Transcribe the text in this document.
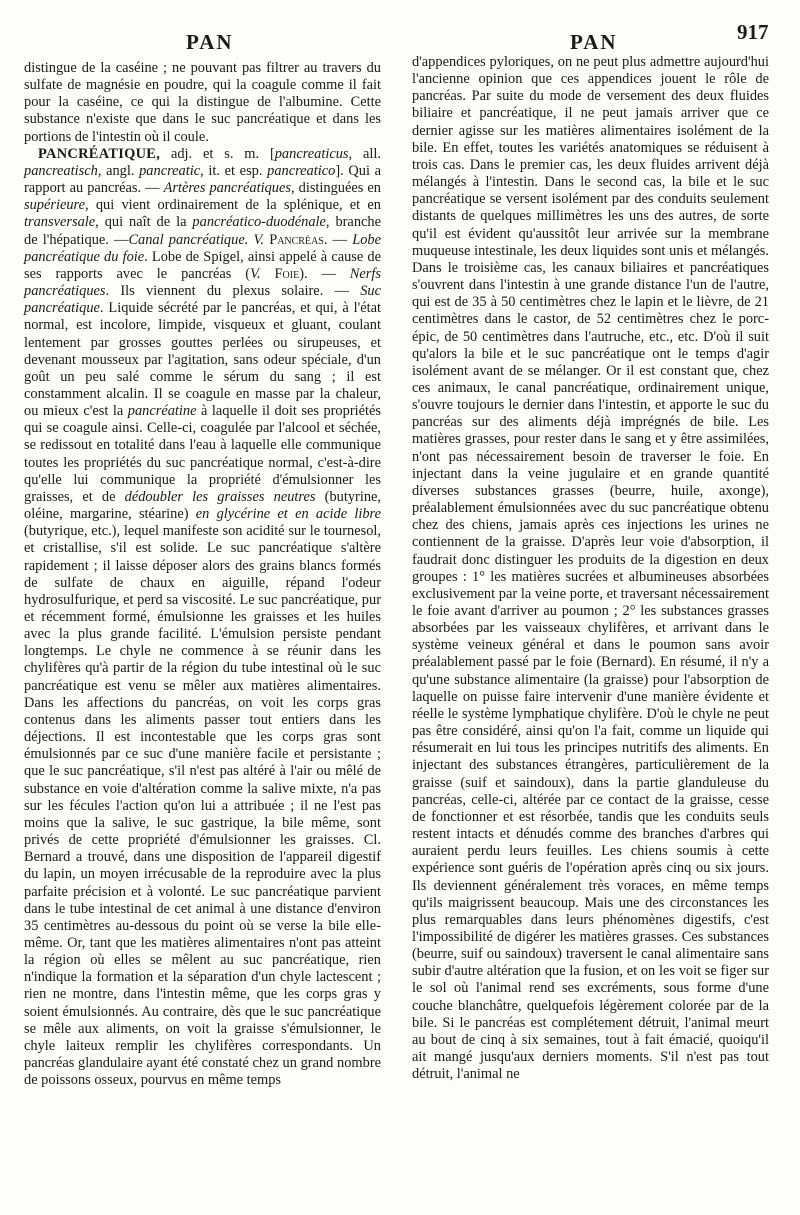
PAN	PAN	917

distingue de la caséine ; ne pouvant pas filtrer au travers du sulfate de magnésie en poudre, qui la coagule comme il fait pour la caséine, ce qui la distingue de l'albumine. Cette substance n'existe que dans le suc pancréatique et dans les portions de l'intestin où il coule.

PANCRÉATIQUE, adj. et s. m. [pancreaticus, all. pancreatisch, angl. pancreatic, it. et esp. pancreatico]. Qui a rapport au pancréas. — Artères pancréatiques, distinguées en supérieure, qui vient ordinairement de la splénique, et en transversale, qui naît de la pancréatico-duodénale, branche de l'hépatique. —Canal pancréatique. V. Pancréas. — Lobe pancréatique du foie. Lobe de Spigel, ainsi appelé à cause de ses rapports avec le pancréas (V. Foie). — Nerfs pancréatiques. Ils viennent du plexus solaire. — Suc pancréatique. Liquide sécrété par le pancréas, et qui, à l'état normal, est incolore, limpide, visqueux et gluant, coulant lentement par grosses gouttes perlées ou sirupeuses, et devenant mousseux par l'agitation, sans odeur spéciale, d'un goût un peu salé comme le sérum du sang ; il est constamment alcalin. Il se coagule en masse par la chaleur, ou mieux c'est la pancréatine à laquelle il doit ses propriétés qui se coagule ainsi. Celle-ci, coagulée par l'alcool et séchée, se redissout en totalité dans l'eau à laquelle elle communique toutes les propriétés du suc pancréatique normal, c'est-à-dire qu'elle lui communique la propriété d'émulsionner les graisses, et de dédoubler les graisses neutres (butyrine, oléine, margarine, stéarine) en glycérine et en acide libre (butyrique, etc.), lequel manifeste son acidité sur le tournesol, et cristallise, s'il est solide. Le suc pancréatique s'altère rapidement ; il laisse déposer alors des grains blancs formés de sulfate de chaux en aiguille, répand l'odeur hydrosulfurique, et perd sa viscosité. Le suc pancréatique, pur et récemment formé, émulsionne les graisses et les huiles avec la plus grande facilité. L'émulsion persiste pendant longtemps. Le chyle ne commence à se réunir dans les chylifères qu'à partir de la région du tube intestinal où le suc pancréatique est venu se mêler aux matières alimentaires. Dans les affections du pancréas, on voit les corps gras contenus dans les aliments passer tout entiers dans les déjections. Il est incontestable que les corps gras sont émulsionnés par ce suc d'une manière facile et persistante ; que le suc pancréatique, s'il n'est pas altéré à l'air ou mêlé de substance en voie d'altération comme la salive mixte, n'a pas sur les fécules l'action qu'on lui a attribuée ; il ne l'est pas moins que la salive, le suc gastrique, la bile même, sont privés de cette propriété d'émulsionner les graisses. Cl. Bernard a trouvé, dans une disposition de l'appareil digestif du lapin, un moyen irrécusable de la reproduire avec la plus parfaite précision et à volonté. Le suc pancréatique parvient dans le tube intestinal de cet animal à une distance d'environ 35 centimètres au-dessous du point où se verse la bile elle-même. Or, tant que les matières alimentaires n'ont pas atteint la région où elles se mêlent au suc pancréatique, rien n'indique la formation et la séparation d'un chyle lactescent ; rien ne montre, dans l'intestin même, que les corps gras y soient émulsionnés. Au contraire, dès que le suc pancréatique se mêle aux aliments, on voit la graisse s'émulsionner, le chyle laiteux remplir les chylifères correspondants. Un pancréas glandulaire ayant été constaté chez un grand nombre de poissons osseux, pourvus en même temps

d'appendices pyloriques, on ne peut plus admettre aujourd'hui l'ancienne opinion que ces appendices jouent le rôle de pancréas. Par suite du mode de versement des deux fluides biliaire et pancréatique, il ne peut jamais arriver que ce dernier agisse sur les matières alimentaires isolément de la bile. En effet, toutes les variétés anatomiques se réduisent à trois cas. Dans le premier cas, les deux fluides arrivent déjà mélangés à l'intestin. Dans le second cas, la bile et le suc pancréatique se versent isolément par des conduits seulement distants de quelques millimètres les uns des autres, de sorte qu'il est évident qu'aussitôt leur arrivée sur la membrane muqueuse intestinale, les deux liquides sont unis et mélangés. Dans le troisième cas, les canaux biliaires et pancréatiques s'ouvrent dans l'intestin à une grande distance l'un de l'autre, qui est de 35 à 50 centimètres chez le lapin et le lièvre, de 21 centimètres dans le castor, de 52 centimètres chez le porc-épic, de 50 centimètres dans l'autruche, etc., etc. D'où il suit qu'alors la bile et le suc pancréatique ont le temps d'agir isolément avant de se mélanger. Or il est constant que, chez ces animaux, le canal pancréatique, ordinairement unique, s'ouvre toujours le dernier dans l'intestin, et apporte le suc du pancréas sur des aliments déjà imprégnés de bile. Les matières grasses, pour rester dans le sang et y être assimilées, n'ont pas nécessairement besoin de traverser le foie. En injectant dans la veine jugulaire et en grande quantité diverses substances grasses (beurre, huile, axonge), préalablement émulsionnées avec du suc pancréatique obtenu chez des chiens, jamais après ces injections les urines ne contiennent de la graisse. D'après leur voie d'absorption, il faudrait donc distinguer les produits de la digestion en deux groupes : 1° les matières sucrées et albumineuses absorbées exclusivement par la veine porte, et traversant nécessairement le foie avant d'arriver au poumon ; 2° les substances grasses absorbées par les vaisseaux chylifères, et arrivant dans le système veineux général et dans le poumon sans avoir préalablement passé par le foie (Bernard). En résumé, il n'y a qu'une substance alimentaire (la graisse) pour l'absorption de laquelle on puisse faire intervenir d'une manière évidente et réelle le système lymphatique chylifère. D'où le chyle ne peut pas être considéré, ainsi qu'on l'a fait, comme un liquide qui résumerait en lui tous les principes nutritifs des aliments. En injectant des substances étrangères, particulièrement de la graisse (suif et saindoux), dans la partie glanduleuse du pancréas, celle-ci, altérée par ce contact de la graisse, cesse de fonctionner et est résorbée, tandis que les conduits seuls restent intacts et dénudés comme des branches d'arbres qui auraient perdu leurs feuilles. Les chiens soumis à cette expérience sont guéris de l'opération après cinq ou six jours. Ils deviennent généralement très voraces, en même temps qu'ils maigrissent beaucoup. Mais une des circonstances les plus remarquables dans leurs phénomènes digestifs, c'est l'impossibilité de digérer les matières grasses. Ces substances (beurre, suif ou saindoux) traversent le canal alimentaire sans subir d'autre altération que la fusion, et on les voit se figer sur le sol où l'animal rend ses excréments, sous forme d'une couche blanchâtre, quelquefois légèrement colorée par de la bile. Si le pancréas est complétement détruit, l'animal meurt au bout de cinq à six semaines, tout à fait émacié, quoiqu'il ait mangé jusqu'aux derniers moments. S'il n'est pas tout détruit, l'animal ne
